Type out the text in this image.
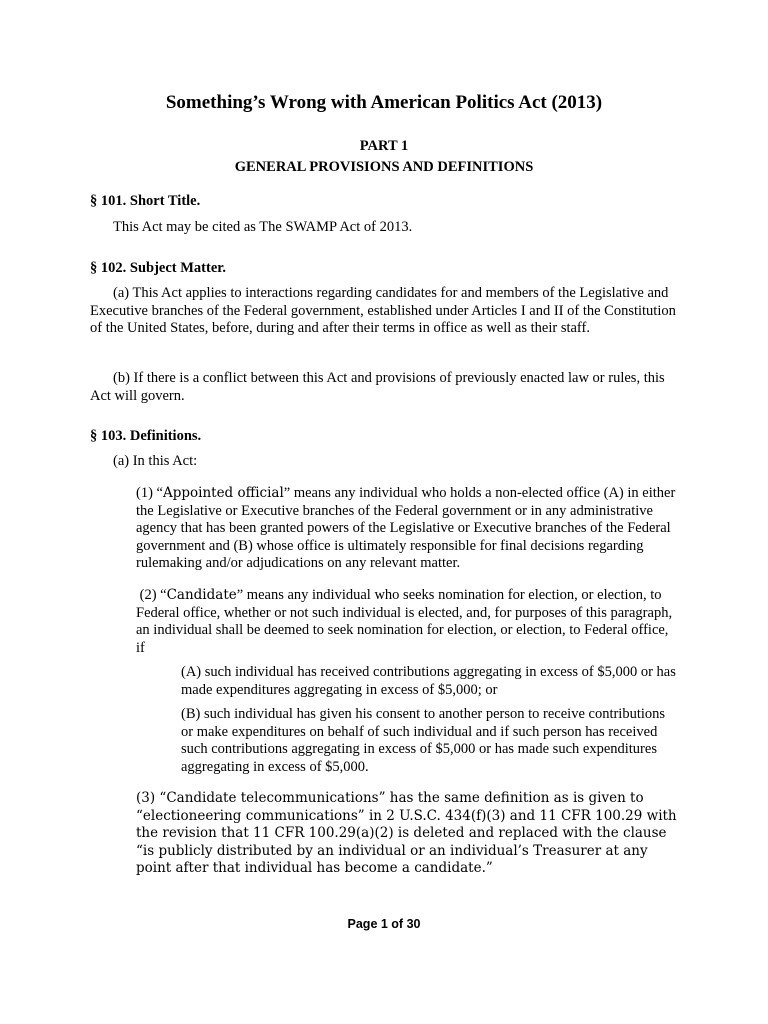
Something’s Wrong with American Politics Act (2013)

PART 1

GENERAL PROVISIONS AND DEFINITIONS

§ 101. Short Title.

This Act may be cited as The SWAMP Act of 2013.

§ 102. Subject Matter.

(a) This Act applies to interactions regarding candidates for and members of the Legislative and Executive branches of the Federal government, established under Articles I and II of the Constitution of the United States, before, during and after their terms in office as well as their staff.

(b) If there is a conflict between this Act and provisions of previously enacted law or rules, this Act will govern.

§ 103. Definitions.

(a) In this Act:

(1) “Appointed official” means any individual who holds a non-elected office (A) in either the Legislative or Executive branches of the Federal government or in any administrative agency that has been granted powers of the Legislative or Executive branches of the Federal government and (B) whose office is ultimately responsible for final decisions regarding rulemaking and/or adjudications on any relevant matter.

(2) “Candidate” means any individual who seeks nomination for election, or election, to Federal office, whether or not such individual is elected, and, for purposes of this paragraph, an individual shall be deemed to seek nomination for election, or election, to Federal office, if

(A) such individual has received contributions aggregating in excess of $5,000 or has made expenditures aggregating in excess of $5,000; or

(B) such individual has given his consent to another person to receive contributions or make expenditures on behalf of such individual and if such person has received such contributions aggregating in excess of $5,000 or has made such expenditures aggregating in excess of $5,000.

(3) “Candidate telecommunications” has the same definition as is given to “electioneering communications” in 2 U.S.C. 434(f)(3) and 11 CFR 100.29 with the revision that 11 CFR 100.29(a)(2) is deleted and replaced with the clause “is publicly distributed by an individual or an individual’s Treasurer at any point after that individual has become a candidate.”

Page 1 of 30
